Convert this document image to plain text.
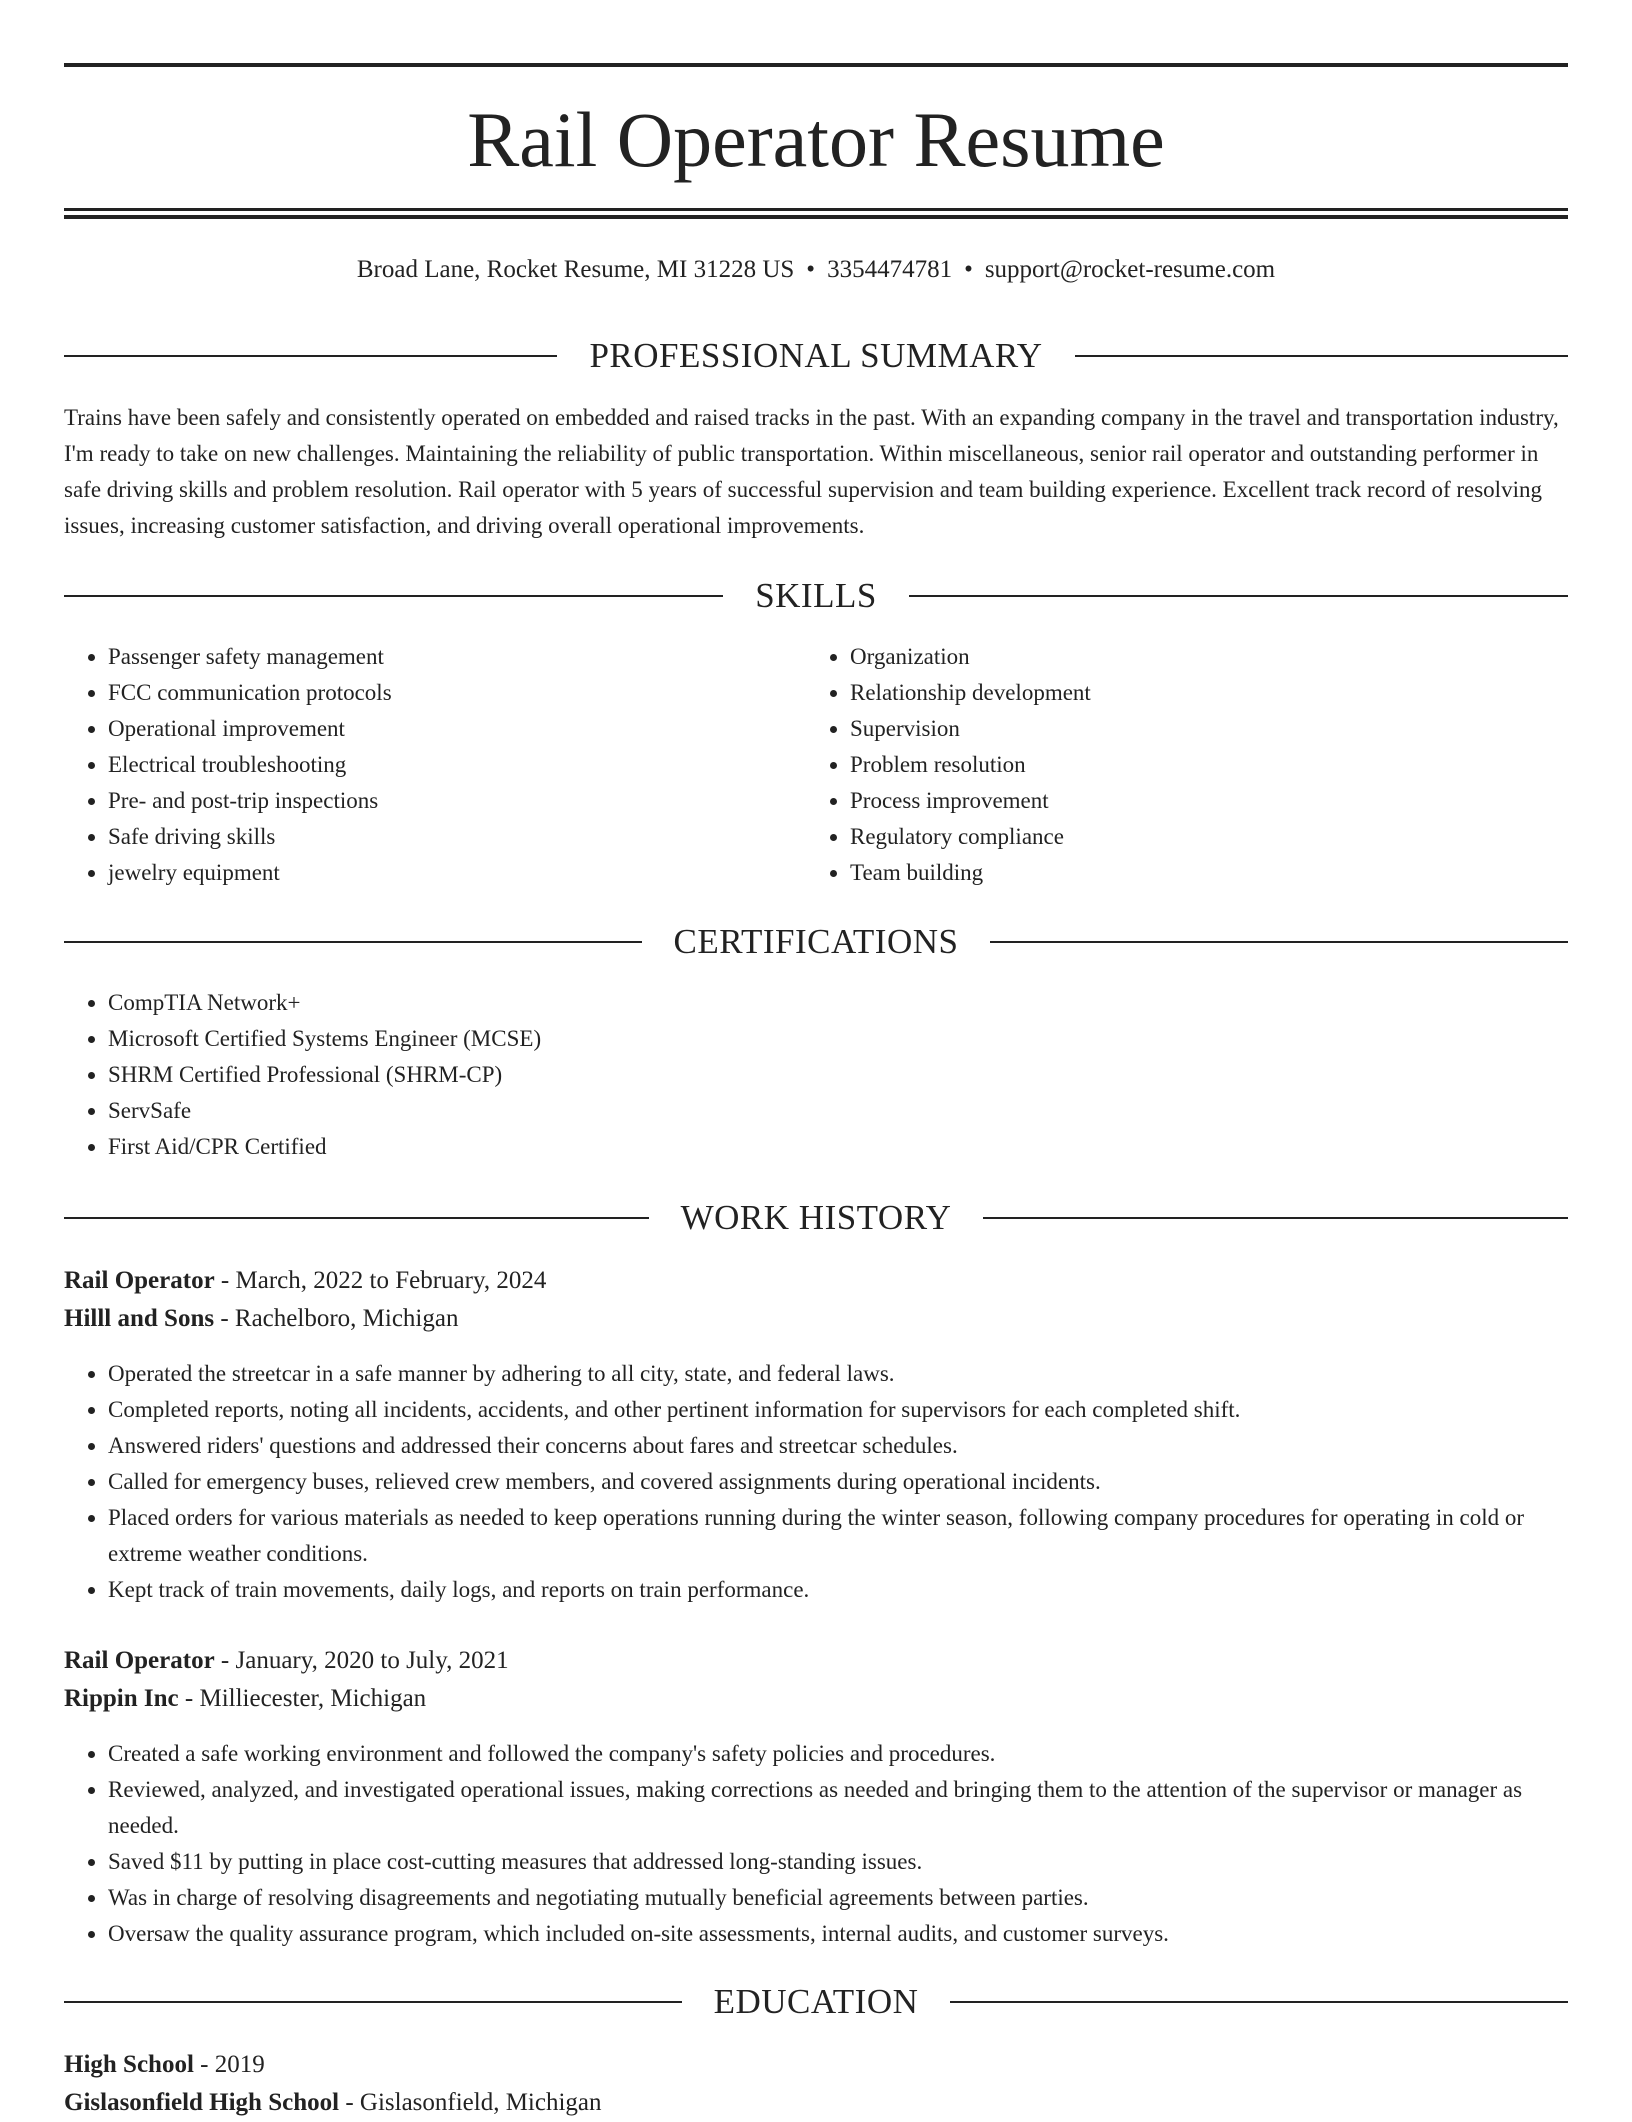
Rail Operator Resume
Broad Lane, Rocket Resume, MI 31228 US • 3354474781 • support@rocket-resume.com
PROFESSIONAL SUMMARY

Trains have been safely and consistently operated on embedded and raised tracks in the past. With an expanding company in the travel and transportation industry, I'm ready to take on new challenges. Maintaining the reliability of public transportation. Within miscellaneous, senior rail operator and outstanding performer in safe driving skills and problem resolution. Rail operator with 5 years of successful supervision and team building experience. Excellent track record of resolving issues, increasing customer satisfaction, and driving overall operational improvements.

SKILLS
• Passenger safety management
• FCC communication protocols
• Operational improvement
• Electrical troubleshooting
• Pre- and post-trip inspections
• Safe driving skills
• jewelry equipment
• Organization
• Relationship development
• Supervision
• Problem resolution
• Process improvement
• Regulatory compliance
• Team building
CERTIFICATIONS
• CompTIA Network+
• Microsoft Certified Systems Engineer (MCSE)
• SHRM Certified Professional (SHRM-CP)
• ServSafe
• First Aid/CPR Certified
WORK HISTORY
Rail Operator - March, 2022 to February, 2024
Hilll and Sons - Rachelboro, Michigan
• Operated the streetcar in a safe manner by adhering to all city, state, and federal laws.
• Completed reports, noting all incidents, accidents, and other pertinent information for supervisors for each completed shift.
• Answered riders' questions and addressed their concerns about fares and streetcar schedules.
• Called for emergency buses, relieved crew members, and covered assignments during operational incidents.
• Placed orders for various materials as needed to keep operations running during the winter season, following company procedures for operating in cold or extreme weather conditions.
• Kept track of train movements, daily logs, and reports on train performance.
Rail Operator - January, 2020 to July, 2021
Rippin Inc - Milliecester, Michigan
• Created a safe working environment and followed the company's safety policies and procedures.
• Reviewed, analyzed, and investigated operational issues, making corrections as needed and bringing them to the attention of the supervisor or manager as needed.
• Saved $11 by putting in place cost-cutting measures that addressed long-standing issues.
• Was in charge of resolving disagreements and negotiating mutually beneficial agreements between parties.
• Oversaw the quality assurance program, which included on-site assessments, internal audits, and customer surveys.
EDUCATION
High School - 2019
Gislasonfield High School - Gislasonfield, Michigan
